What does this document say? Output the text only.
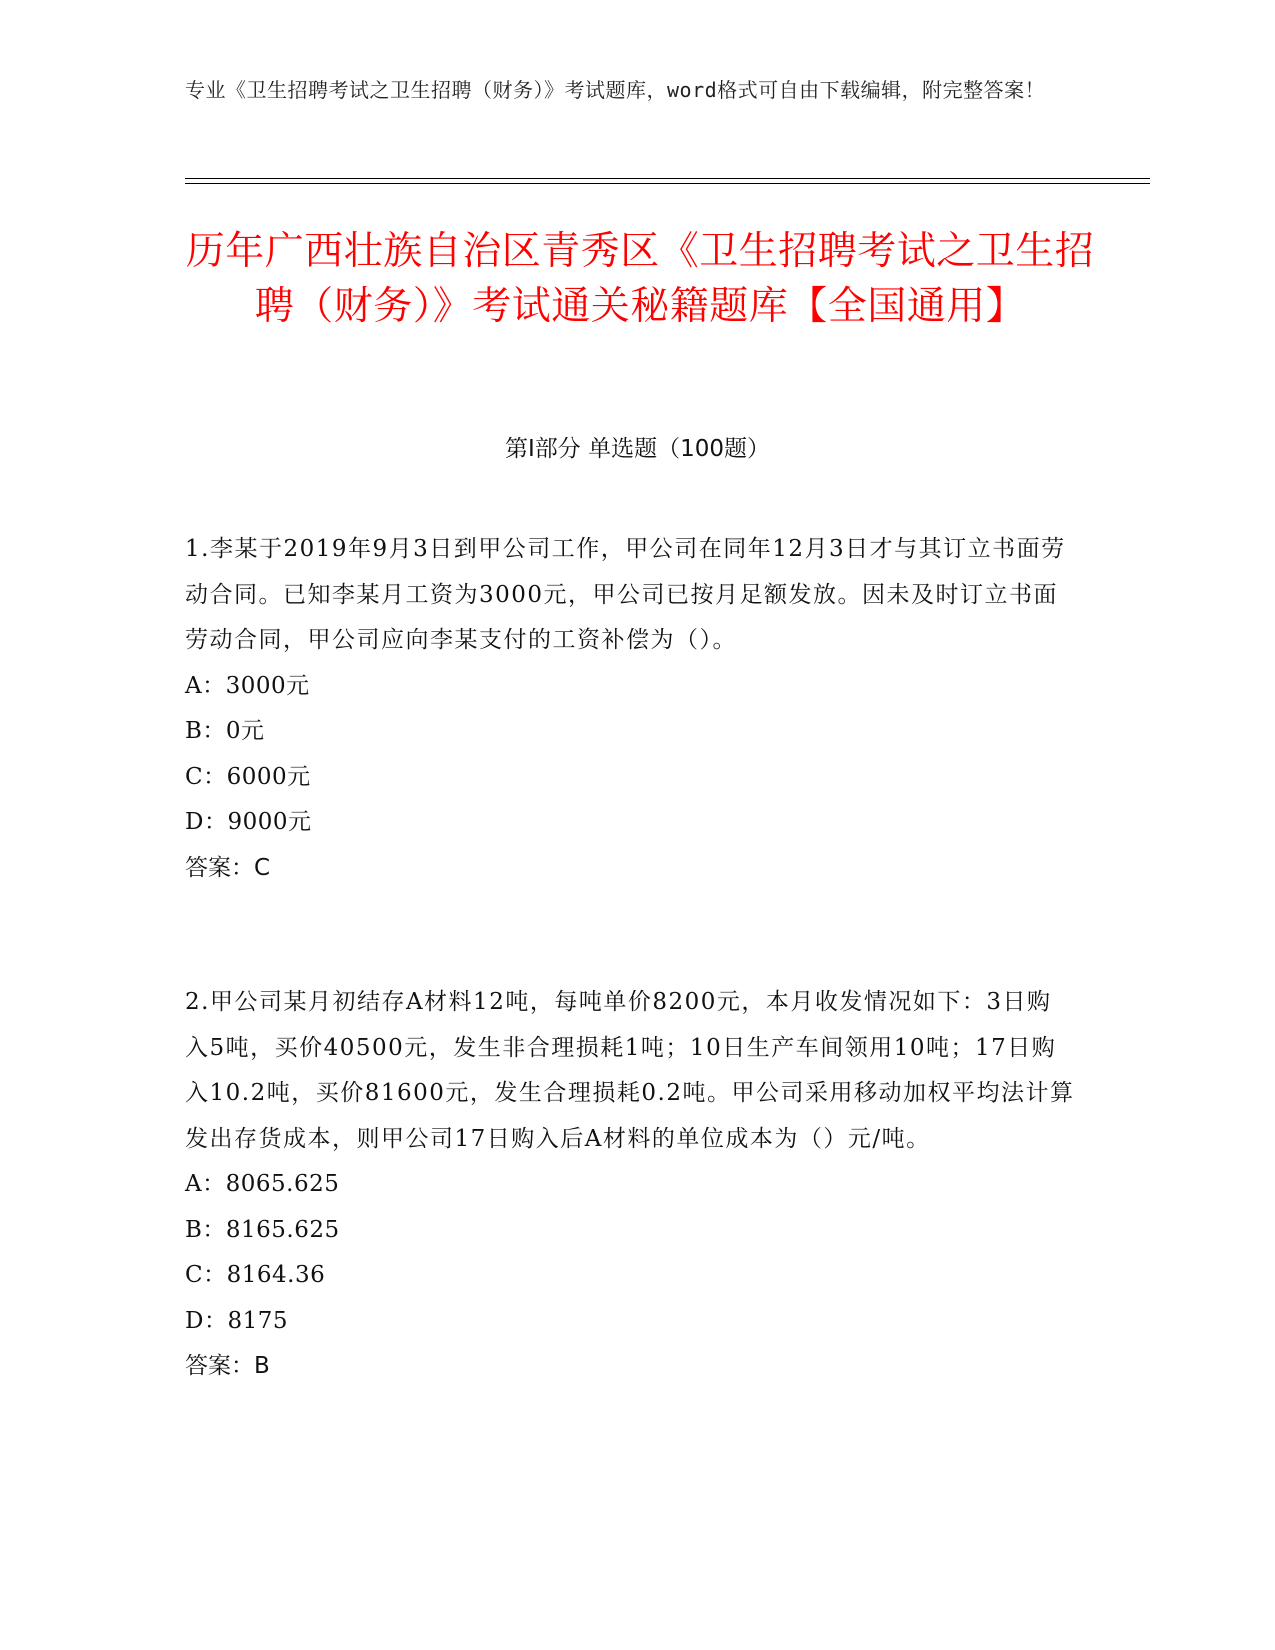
专业《卫生招聘考试之卫生招聘（财务）》考试题库，word格式可自由下载编辑，附完整答案！
历年广西壮族自治区青秀区《卫生招聘考试之卫生招聘（财务）》考试通关秘籍题库【全国通用】
第Ⅰ部分 单选题（100题）
1.李某于2019年9月3日到甲公司工作，甲公司在同年12月3日才与其订立书面劳动合同。已知李某月工资为3000元，甲公司已按月足额发放。因未及时订立书面劳动合同，甲公司应向李某支付的工资补偿为（）。
A：3000元
B：0元
C：6000元
D：9000元
答案：C
2.甲公司某月初结存A材料12吨，每吨单价8200元，本月收发情况如下：3日购入5吨，买价40500元，发生非合理损耗1吨；10日生产车间领用10吨；17日购入10.2吨，买价81600元，发生合理损耗0.2吨。甲公司采用移动加权平均法计算发出存货成本，则甲公司17日购入后A材料的单位成本为（）元/吨。
A：8065.625
B：8165.625
C：8164.36
D：8175
答案：B
